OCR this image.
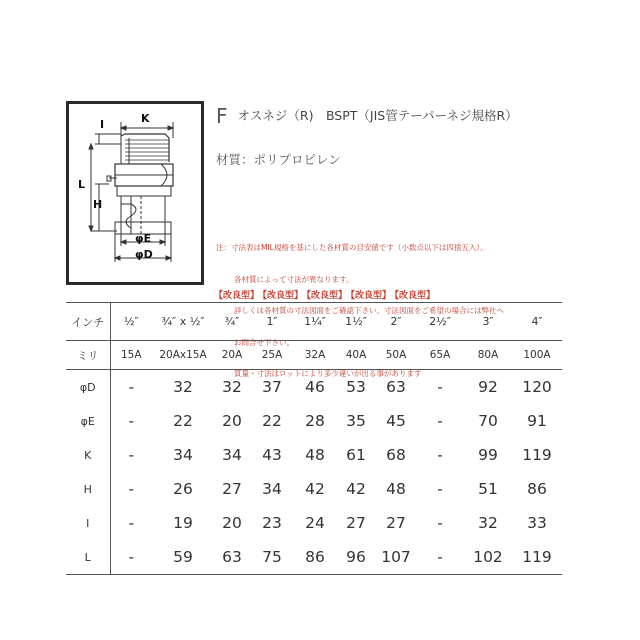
K
I
L
H
φE
φD
F $^{オスネジ(R) BSPT(JIS管テーパーネジ規格R)}$
材質：ポリプロピレン

注：寸法表はMIL規格を基にした各材質の目安値です（小数点以下は四捨五入）。

各材質によって寸法が異なります。

詳しくは各材質の寸法図面をご確認下さい。寸法図面をご希望の場合には弊社へ

お問合せ下さい。

質量・寸法はロットにより多少違いが出る事があります

【改良型】
【改良型】
【改良型】
【改良型】
【改良型】
インチ	½″	¾″ x ½″	¾″	1″	1¼″	1½″	2″	2½″	3″	4″
ミリ	15A	20Ax15A	20A	25A	32A	40A	50A	65A	80A	100A
φD	-	32	32	37	46	53	63	-	92	120
φE	-	22	20	22	28	35	45	-	70	91
K	-	34	34	43	48	61	68	-	99	119
H	-	26	27	34	42	42	48	-	51	86
I	-	19	20	23	24	27	27	-	32	33
L	-	59	63	75	86	96	107	-	102	119
